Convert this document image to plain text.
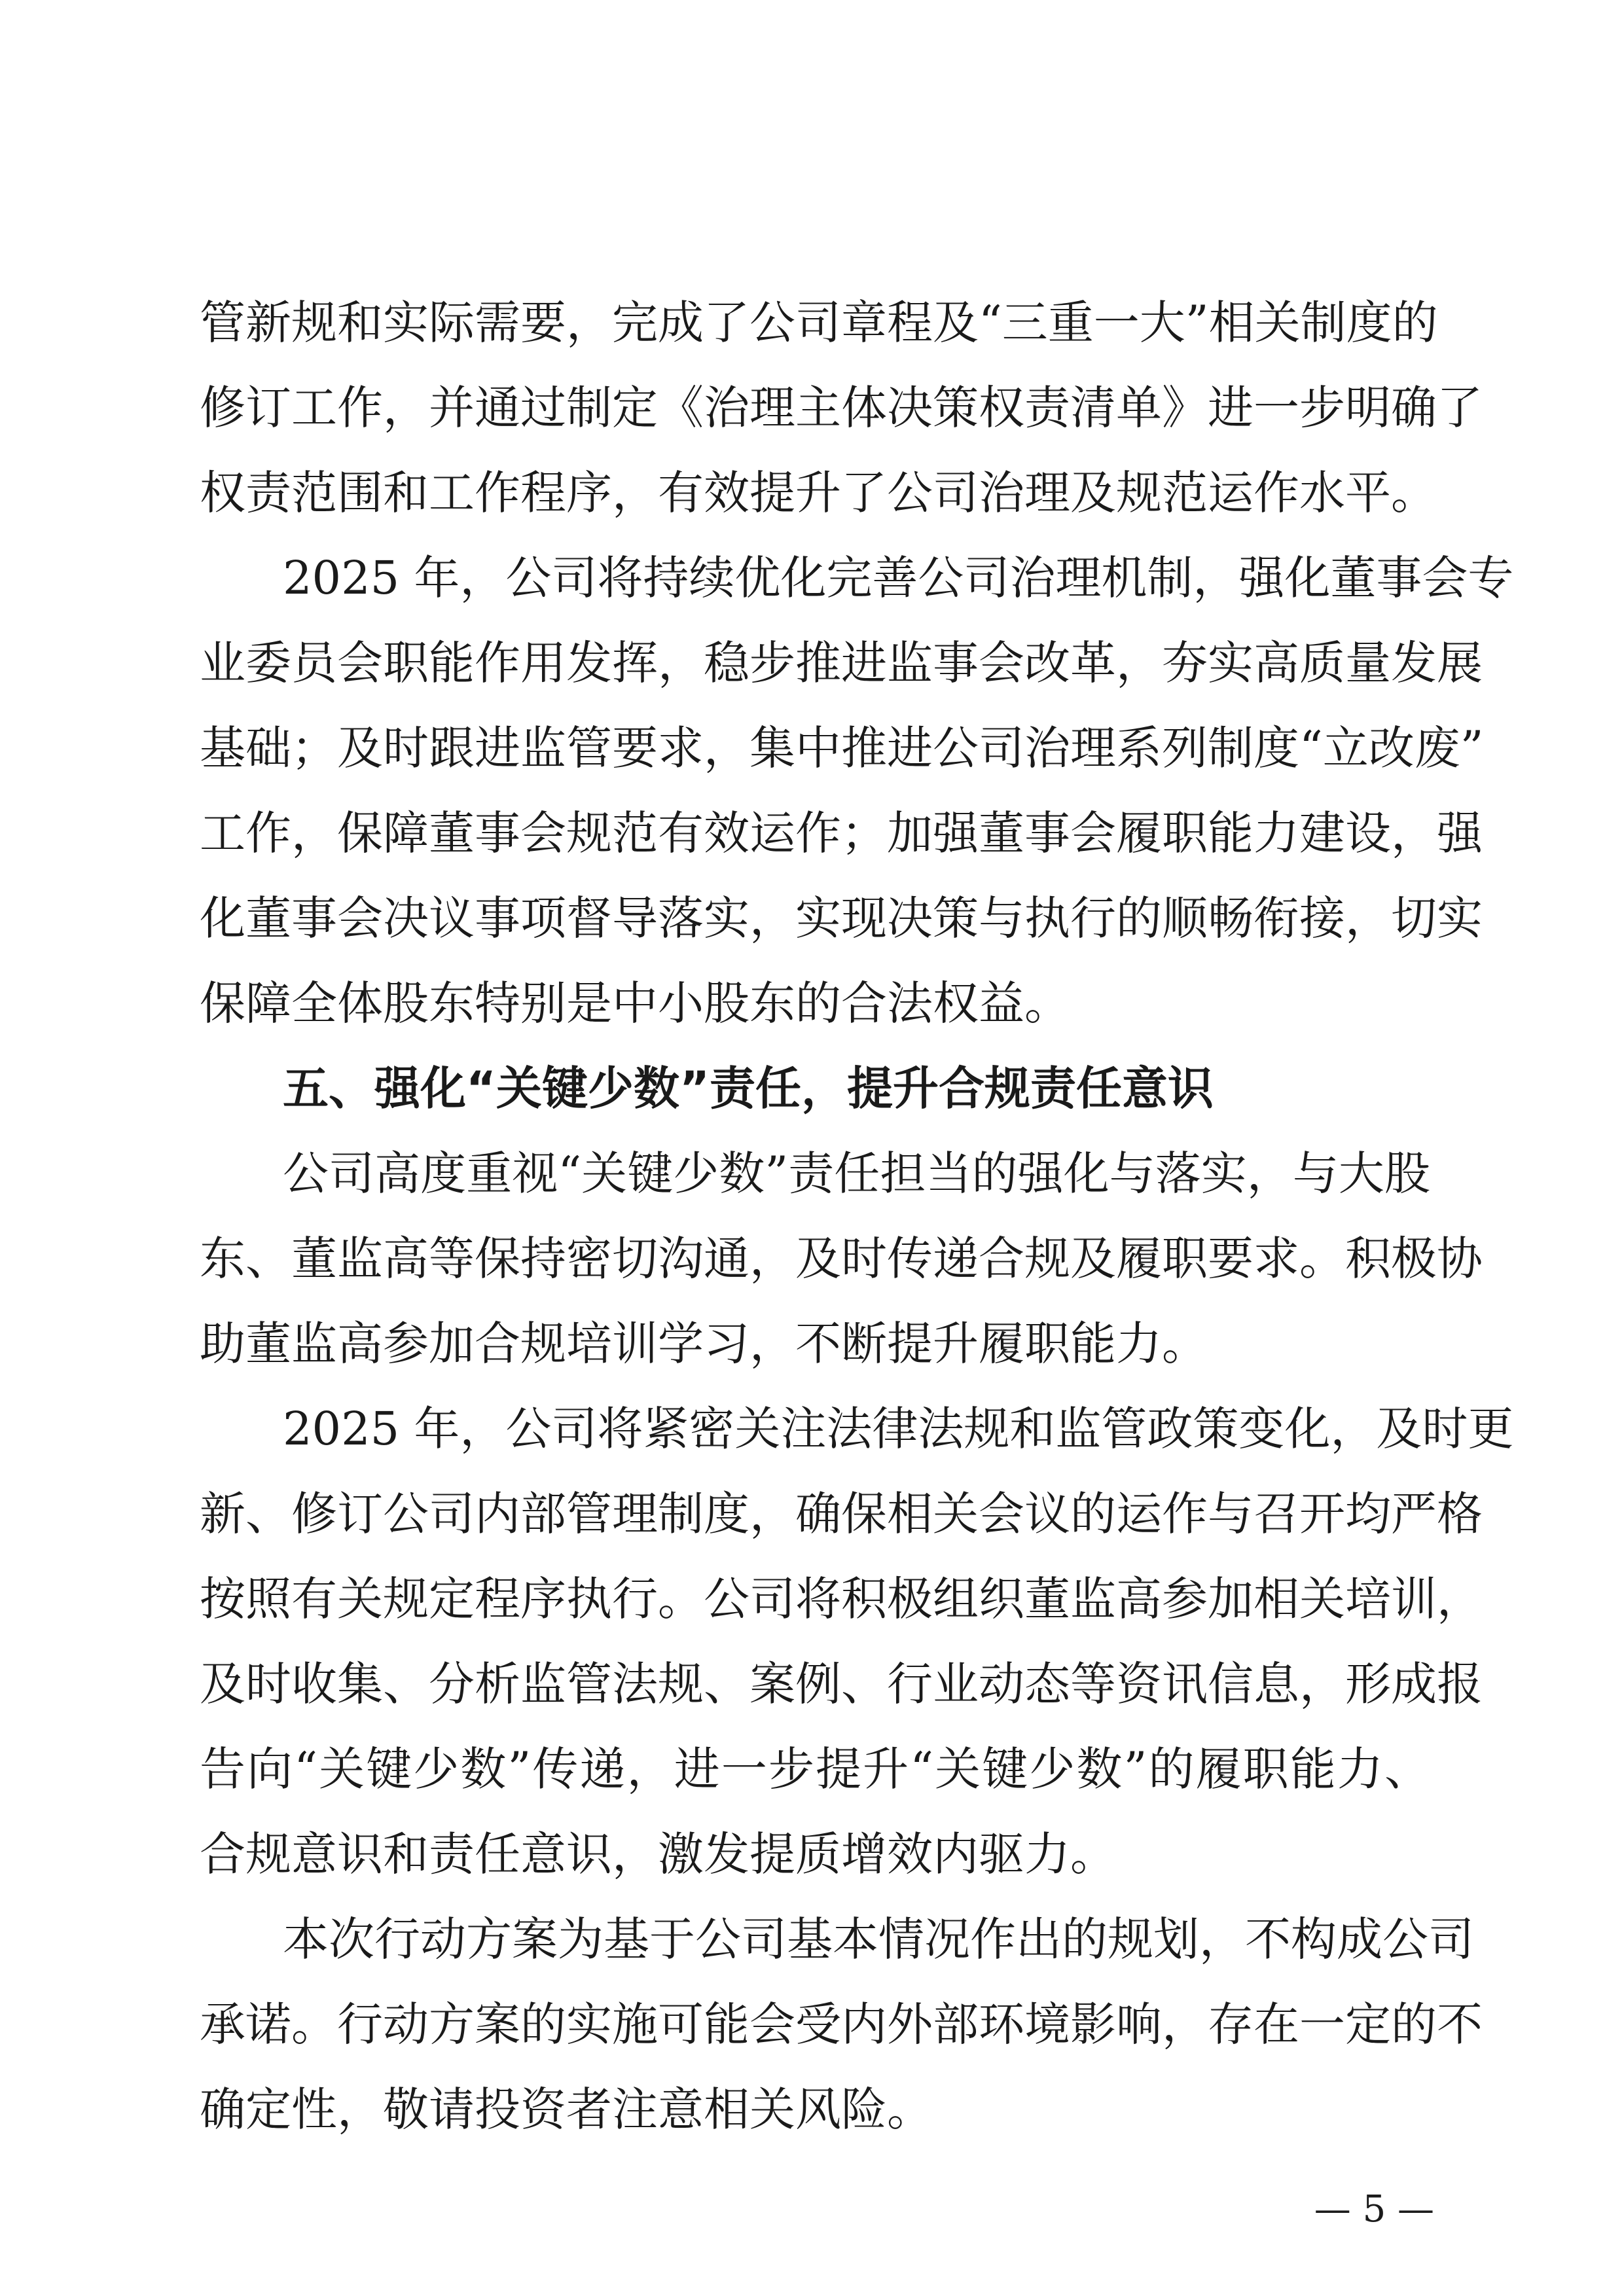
管新规和实际需要，完成了公司章程及“三重一大”相关制度的
修订工作，并通过制定《治理主体决策权责清单》进一步明确了
权责范围和工作程序，有效提升了公司治理及规范运作水平。
2025 年，公司将持续优化完善公司治理机制，强化董事会专
业委员会职能作用发挥，稳步推进监事会改革，夯实高质量发展
基础；及时跟进监管要求，集中推进公司治理系列制度“立改废”
工作，保障董事会规范有效运作；加强董事会履职能力建设，强
化董事会决议事项督导落实，实现决策与执行的顺畅衔接，切实
保障全体股东特别是中小股东的合法权益。
五、强化“关键少数”责任，提升合规责任意识
公司高度重视“关键少数”责任担当的强化与落实，与大股
东、董监高等保持密切沟通，及时传递合规及履职要求。积极协
助董监高参加合规培训学习，不断提升履职能力。
2025 年，公司将紧密关注法律法规和监管政策变化，及时更
新、修订公司内部管理制度，确保相关会议的运作与召开均严格
按照有关规定程序执行。公司将积极组织董监高参加相关培训，
及时收集、分析监管法规、案例、行业动态等资讯信息，形成报
告向“关键少数”传递，进一步提升“关键少数”的履职能力、
合规意识和责任意识，激发提质增效内驱力。
本次行动方案为基于公司基本情况作出的规划，不构成公司
承诺。行动方案的实施可能会受内外部环境影响，存在一定的不
确定性，敬请投资者注意相关风险。
— 5 —
